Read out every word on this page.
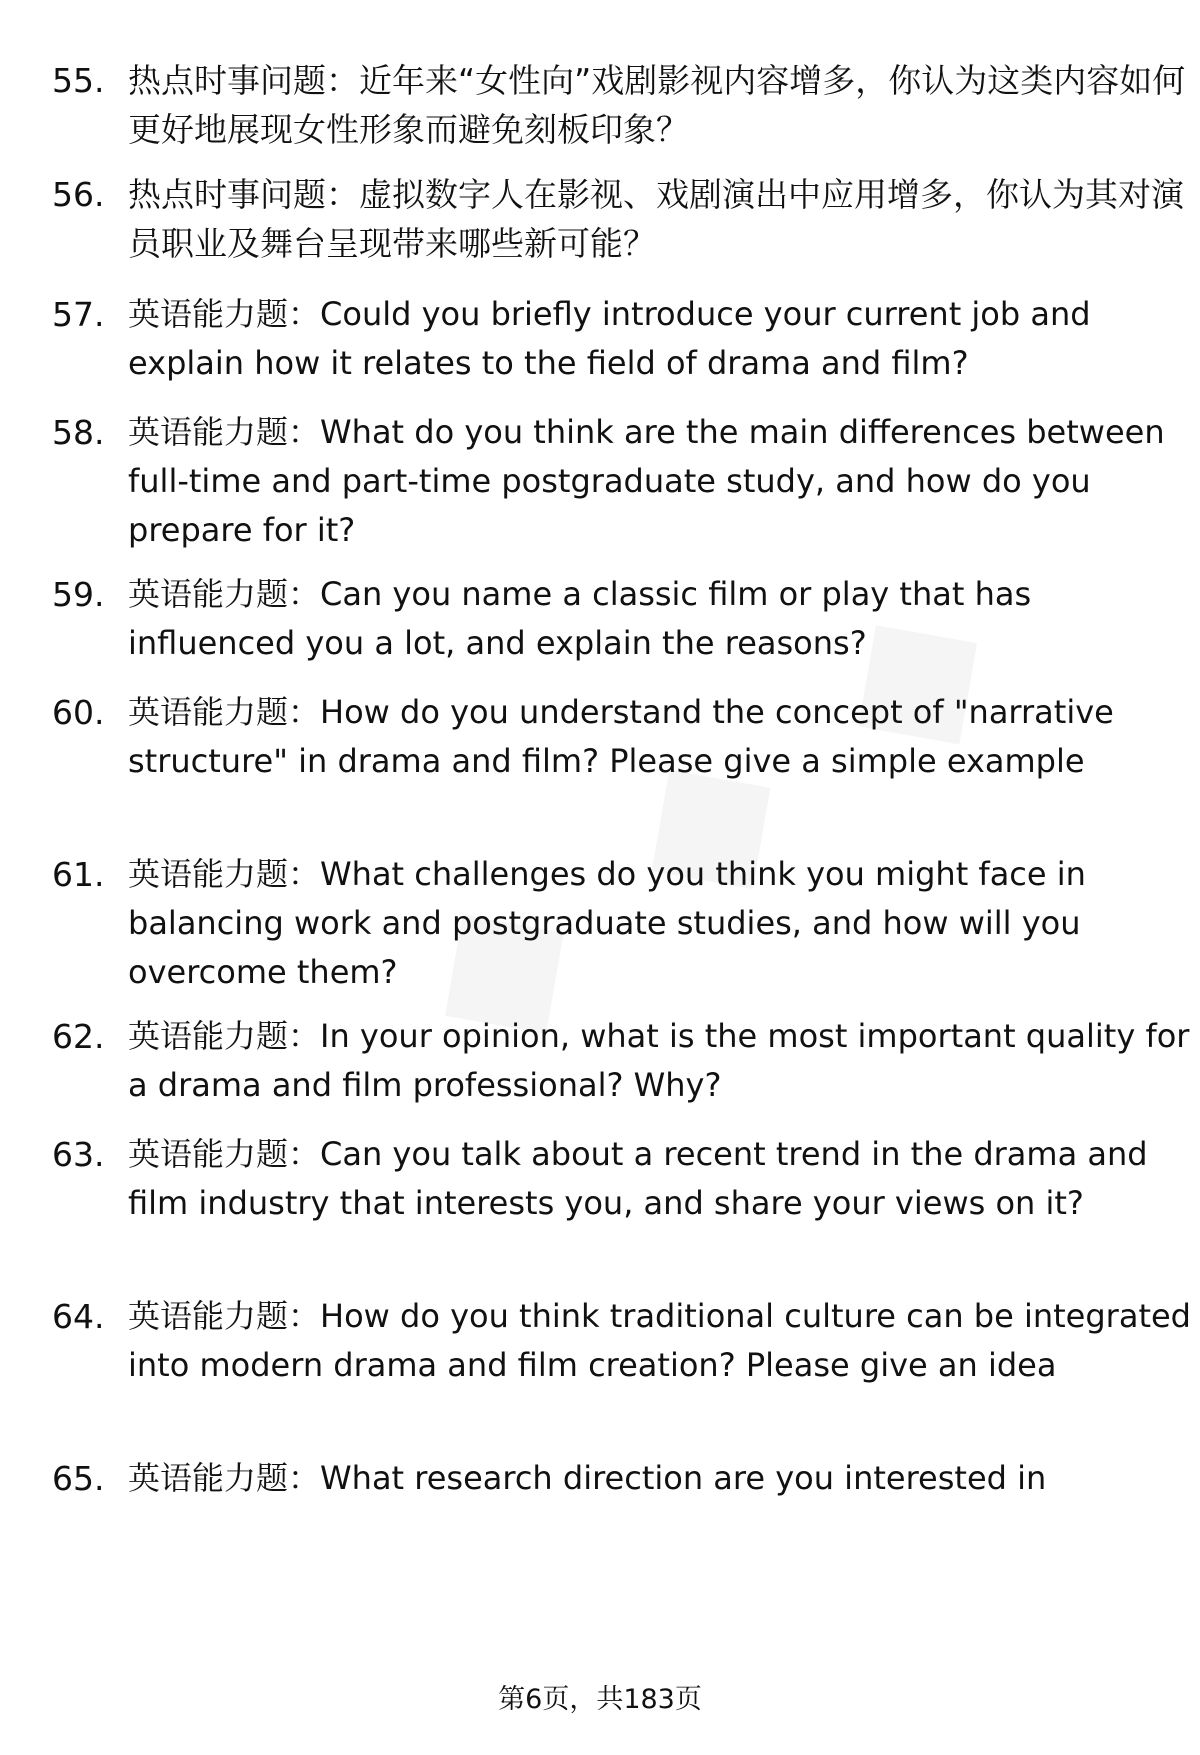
55. 热点时事问题：近年来“女性向”戏剧影视内容增多，你认为这类内容如何更好地展现女性形象而避免刻板印象？
56. 热点时事问题：虚拟数字人在影视、戏剧演出中应用增多，你认为其对演员职业及舞台呈现带来哪些新可能？
57. 英语能力题：Could you briefly introduce your current job and explain how it relates to the field of drama and film?
58. 英语能力题：What do you think are the main differences between full-time and part-time postgraduate study, and how do you prepare for it?
59. 英语能力题：Can you name a classic film or play that has influenced you a lot, and explain the reasons?
60. 英语能力题：How do you understand the concept of "narrative structure" in drama and film? Please give a simple example
61. 英语能力题：What challenges do you think you might face in balancing work and postgraduate studies, and how will you overcome them?
62. 英语能力题：In your opinion, what is the most important quality for a drama and film professional? Why?
63. 英语能力题：Can you talk about a recent trend in the drama and film industry that interests you, and share your views on it?
64. 英语能力题：How do you think traditional culture can be integrated into modern drama and film creation? Please give an idea
65. 英语能力题：What research direction are you interested in
第6页，共183页
